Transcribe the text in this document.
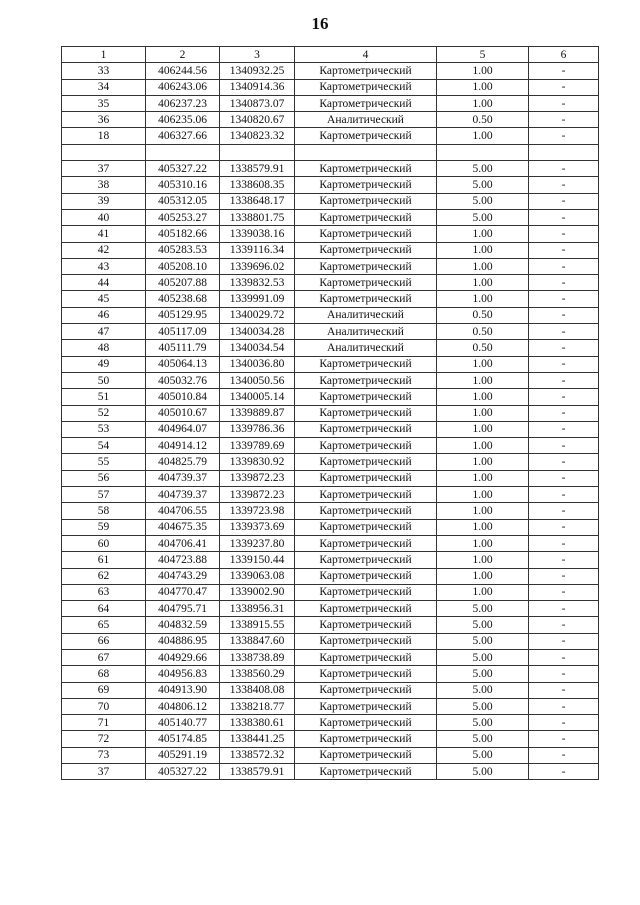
16
1	2	3	4	5	6
33	406244.56	1340932.25	Картометрический	1.00	-
34	406243.06	1340914.36	Картометрический	1.00	-
35	406237.23	1340873.07	Картометрический	1.00	-
36	406235.06	1340820.67	Аналитический	0.50	-
18	406327.66	1340823.32	Картометрический	1.00	-

37	405327.22	1338579.91	Картометрический	5.00	-
38	405310.16	1338608.35	Картометрический	5.00	-
39	405312.05	1338648.17	Картометрический	5.00	-
40	405253.27	1338801.75	Картометрический	5.00	-
41	405182.66	1339038.16	Картометрический	1.00	-
42	405283.53	1339116.34	Картометрический	1.00	-
43	405208.10	1339696.02	Картометрический	1.00	-
44	405207.88	1339832.53	Картометрический	1.00	-
45	405238.68	1339991.09	Картометрический	1.00	-
46	405129.95	1340029.72	Аналитический	0.50	-
47	405117.09	1340034.28	Аналитический	0.50	-
48	405111.79	1340034.54	Аналитический	0.50	-
49	405064.13	1340036.80	Картометрический	1.00	-
50	405032.76	1340050.56	Картометрический	1.00	-
51	405010.84	1340005.14	Картометрический	1.00	-
52	405010.67	1339889.87	Картометрический	1.00	-
53	404964.07	1339786.36	Картометрический	1.00	-
54	404914.12	1339789.69	Картометрический	1.00	-
55	404825.79	1339830.92	Картометрический	1.00	-
56	404739.37	1339872.23	Картометрический	1.00	-
57	404739.37	1339872.23	Картометрический	1.00	-
58	404706.55	1339723.98	Картометрический	1.00	-
59	404675.35	1339373.69	Картометрический	1.00	-
60	404706.41	1339237.80	Картометрический	1.00	-
61	404723.88	1339150.44	Картометрический	1.00	-
62	404743.29	1339063.08	Картометрический	1.00	-
63	404770.47	1339002.90	Картометрический	1.00	-
64	404795.71	1338956.31	Картометрический	5.00	-
65	404832.59	1338915.55	Картометрический	5.00	-
66	404886.95	1338847.60	Картометрический	5.00	-
67	404929.66	1338738.89	Картометрический	5.00	-
68	404956.83	1338560.29	Картометрический	5.00	-
69	404913.90	1338408.08	Картометрический	5.00	-
70	404806.12	1338218.77	Картометрический	5.00	-
71	405140.77	1338380.61	Картометрический	5.00	-
72	405174.85	1338441.25	Картометрический	5.00	-
73	405291.19	1338572.32	Картометрический	5.00	-
37	405327.22	1338579.91	Картометрический	5.00	-
